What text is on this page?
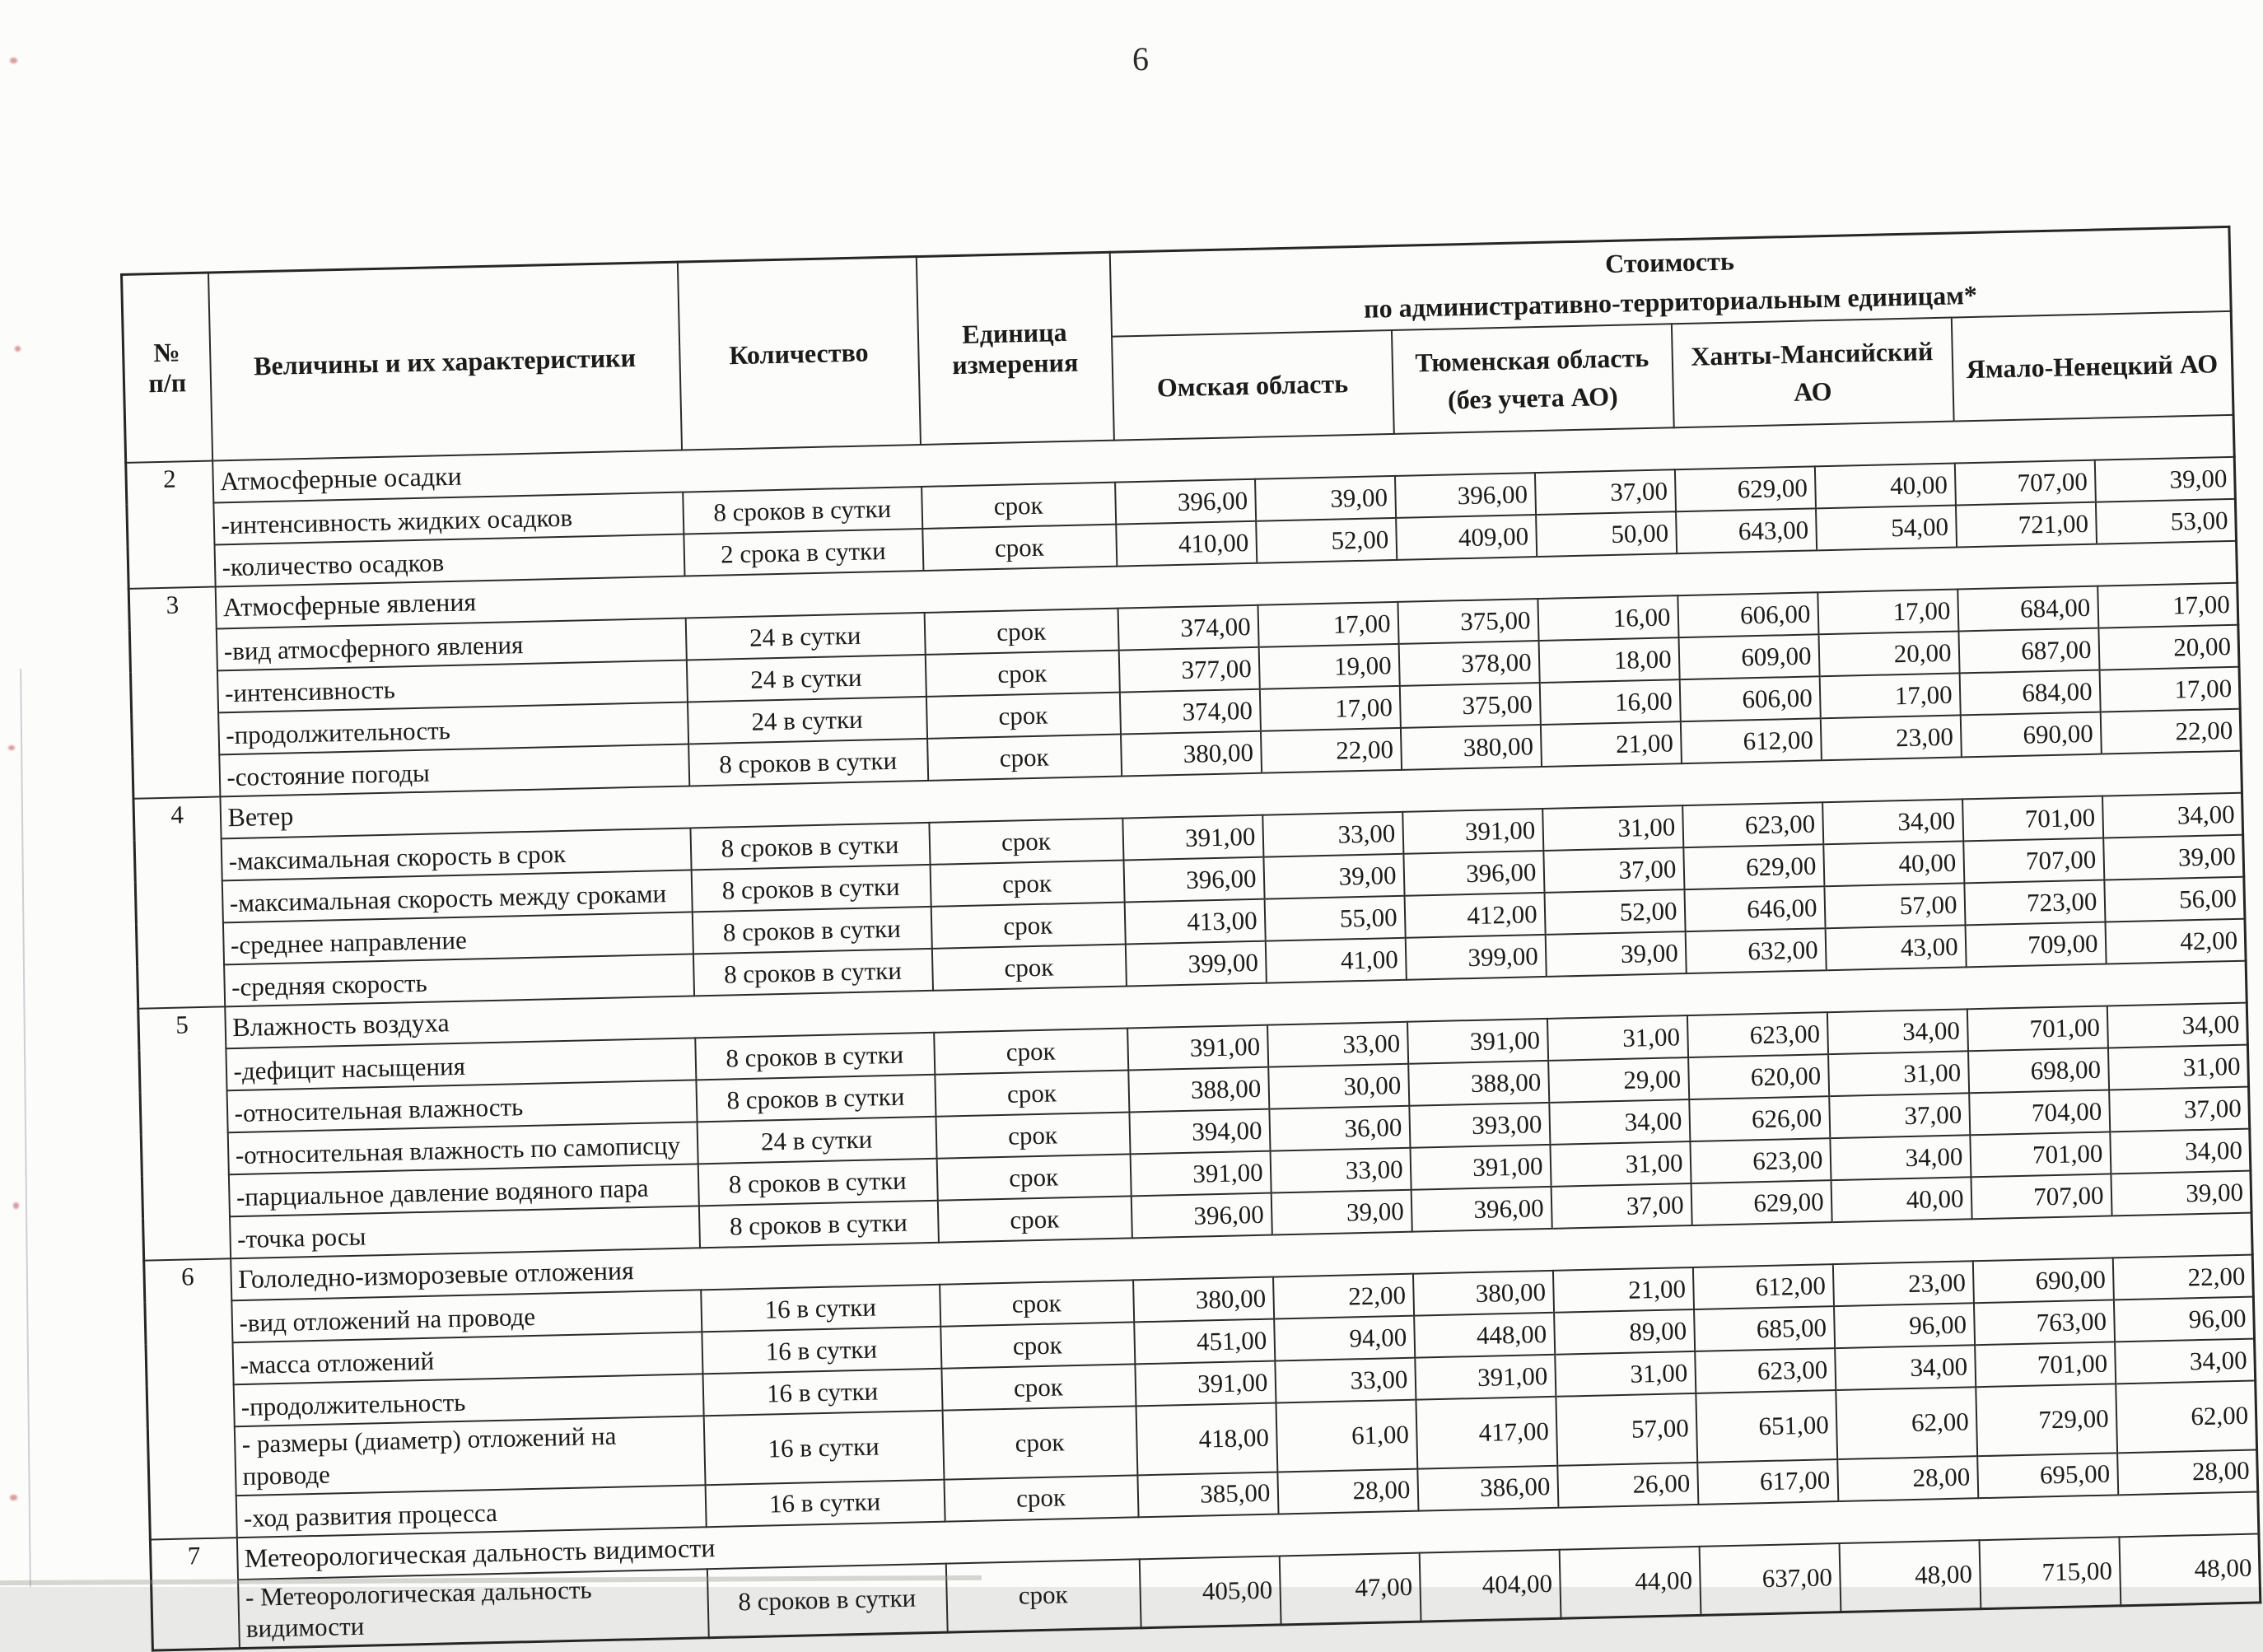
6
№
п/п	Величины и их характеристики	Количество	Единица
измерения	Стоимость
по административно-территориальным единицам*							
				Омская область		Тюменская область
(без учета АО)		Ханты-Мансийский АО		Ямало-Ненецкий АО	
2	Атмосферные осадки										
	-интенсивность жидких осадков	8 сроков в сутки	срок	396,00	39,00	396,00	37,00	629,00	40,00	707,00	39,00
	-количество осадков	2 срока в сутки	срок	410,00	52,00	409,00	50,00	643,00	54,00	721,00	53,00
3	Атмосферные явления										
	-вид атмосферного явления	24 в сутки	срок	374,00	17,00	375,00	16,00	606,00	17,00	684,00	17,00
	-интенсивность	24 в сутки	срок	377,00	19,00	378,00	18,00	609,00	20,00	687,00	20,00
	-продолжительность	24 в сутки	срок	374,00	17,00	375,00	16,00	606,00	17,00	684,00	17,00
	-состояние погоды	8 сроков в сутки	срок	380,00	22,00	380,00	21,00	612,00	23,00	690,00	22,00
4	Ветер										
	-максимальная скорость в срок	8 сроков в сутки	срок	391,00	33,00	391,00	31,00	623,00	34,00	701,00	34,00
	-максимальная скорость между сроками	8 сроков в сутки	срок	396,00	39,00	396,00	37,00	629,00	40,00	707,00	39,00
	-среднее направление	8 сроков в сутки	срок	413,00	55,00	412,00	52,00	646,00	57,00	723,00	56,00
	-средняя скорость	8 сроков в сутки	срок	399,00	41,00	399,00	39,00	632,00	43,00	709,00	42,00
5	Влажность воздуха										
	-дефицит насыщения	8 сроков в сутки	срок	391,00	33,00	391,00	31,00	623,00	34,00	701,00	34,00
	-относительная влажность	8 сроков в сутки	срок	388,00	30,00	388,00	29,00	620,00	31,00	698,00	31,00
	-относительная влажность по самописцу	24 в сутки	срок	394,00	36,00	393,00	34,00	626,00	37,00	704,00	37,00
	-парциальное давление водяного пара	8 сроков в сутки	срок	391,00	33,00	391,00	31,00	623,00	34,00	701,00	34,00
	-точка росы	8 сроков в сутки	срок	396,00	39,00	396,00	37,00	629,00	40,00	707,00	39,00
6	Гололедно-изморозевые отложения										
	-вид отложений на проводе	16 в сутки	срок	380,00	22,00	380,00	21,00	612,00	23,00	690,00	22,00
	-масса отложений	16 в сутки	срок	451,00	94,00	448,00	89,00	685,00	96,00	763,00	96,00
	-продолжительность	16 в сутки	срок	391,00	33,00	391,00	31,00	623,00	34,00	701,00	34,00
	- размеры (диаметр) отложений на проводе	16 в сутки	срок	418,00	61,00	417,00	57,00	651,00	62,00	729,00	62,00
	-ход развития процесса	16 в сутки	срок	385,00	28,00	386,00	26,00	617,00	28,00	695,00	28,00
7	Метеорологическая дальность видимости										
	- Метеорологическая дальность видимости	8 сроков в сутки	срок	405,00	47,00	404,00	44,00	637,00	48,00	715,00	48,00
